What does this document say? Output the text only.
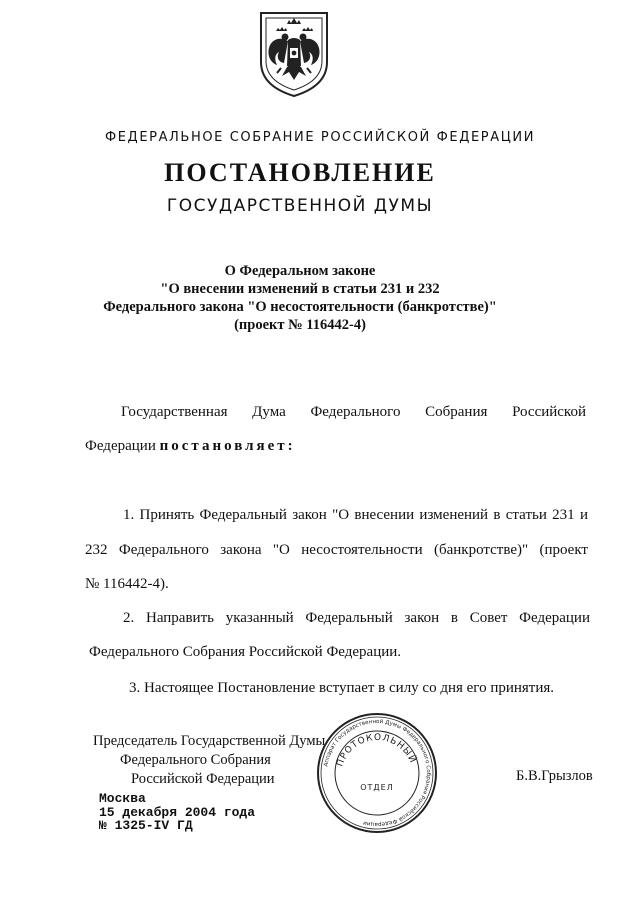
ФЕДЕРАЛЬНОЕ СОБРАНИЕ РОССИЙСКОЙ ФЕДЕРАЦИИ
ПОСТАНОВЛЕНИЕ
ГОСУДАРСТВЕННОЙ ДУМЫ
О Федеральном законе
"О внесении изменений в статьи 231 и 232
Федерального закона "О несостоятельности (банкротстве)"
(проект № 116442-4)
Государственная Дума Федерального Собрания Российской
Федерации постановляет:
1. Принять Федеральный закон "О внесении изменений в статьи 231 и
232 Федерального закона "О несостоятельности (банкротстве)" (проект
№ 116442-4).
2. Направить указанный Федеральный закон в Совет Федерации
Федерального Собрания Российской Федерации.
3. Настоящее Постановление вступает в силу со дня его принятия.
Председатель Государственной Думы
Федерального Собрания
Российской Федерации	Б.В.Грызлов
Аппарат Государственной Думы Федерального Собрания Российской Федерации
ПРОТОКОЛЬНЫЙ
ОТДЕЛ
Москва
15 декабря 2004 года
№ 1325-IV ГД
